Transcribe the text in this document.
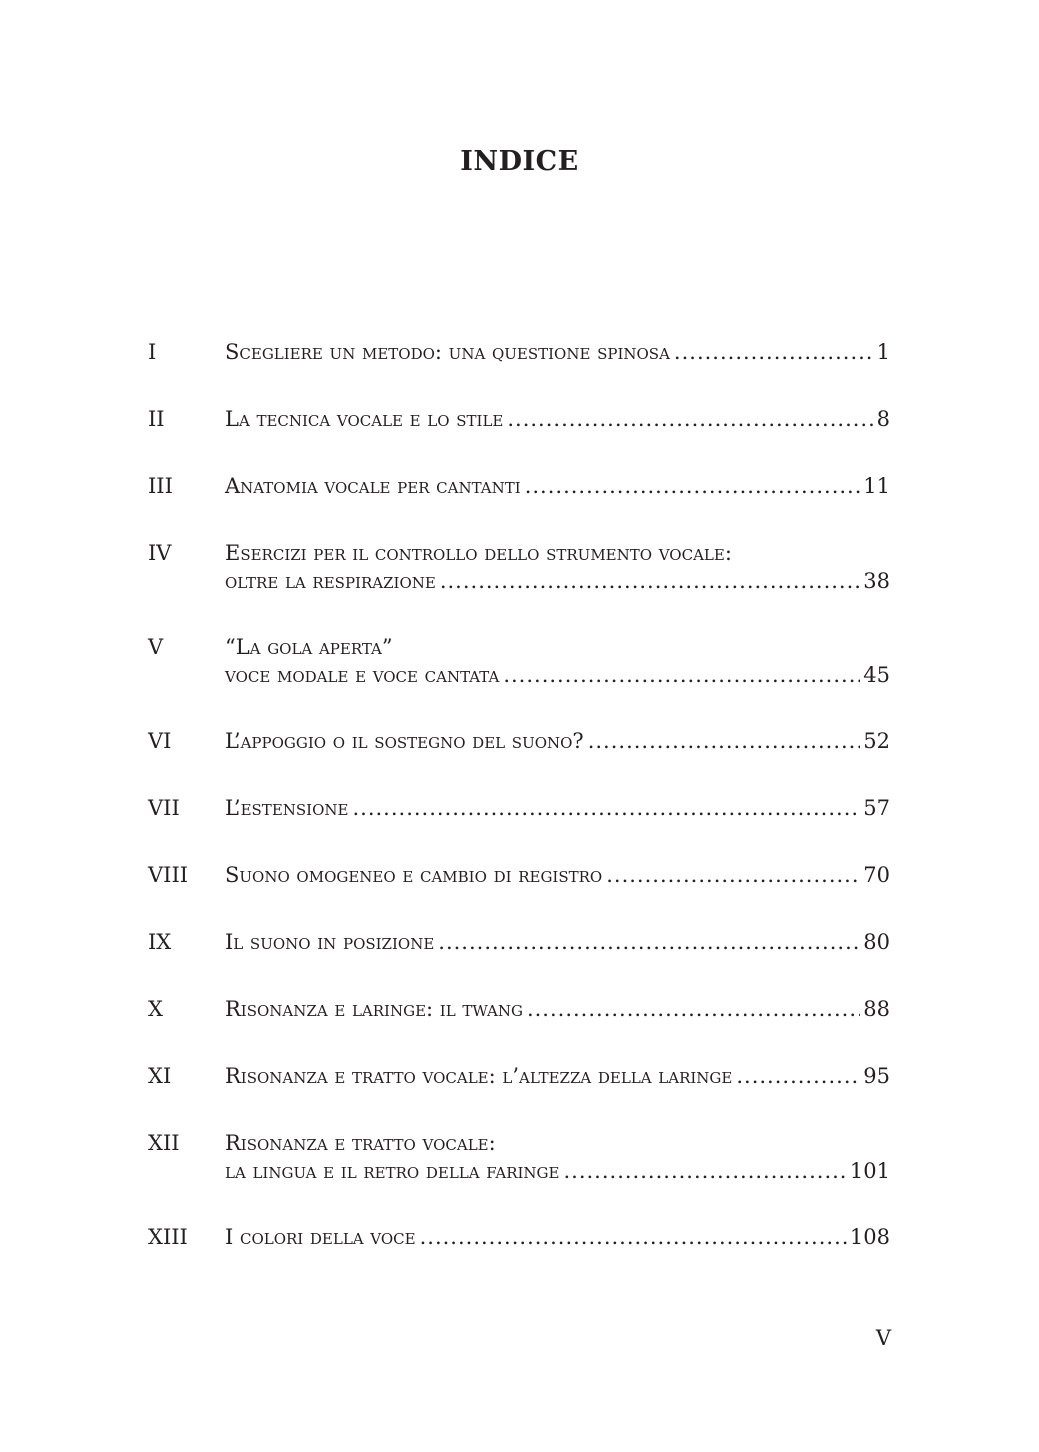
INDICE
I	Scegliere un metodo: una questione spinosa .....	1
II	La tecnica vocale e lo stile .....	8
III Anatomia vocale per cantanti .....	11
IV	Esercizi per il controllo dello strumento vocale:
oltre la respirazione .....	38
V	“La gola aperta”
voce modale e voce cantata .....	45
VI	L’appoggio o il sostegno del suono? .....	52
VII L’estensione .....	57
VIII Suono omogeneo e cambio di registro .....	70
IX	Il suono in posizione .....	80
X	Risonanza e laringe: il twang .....	88
XI	Risonanza e tratto vocale: l’altezza della laringe .....	95
XII Risonanza e tratto vocale:
la lingua e il retro della faringe .....	101
XIII I colori della voce .....	108
V
